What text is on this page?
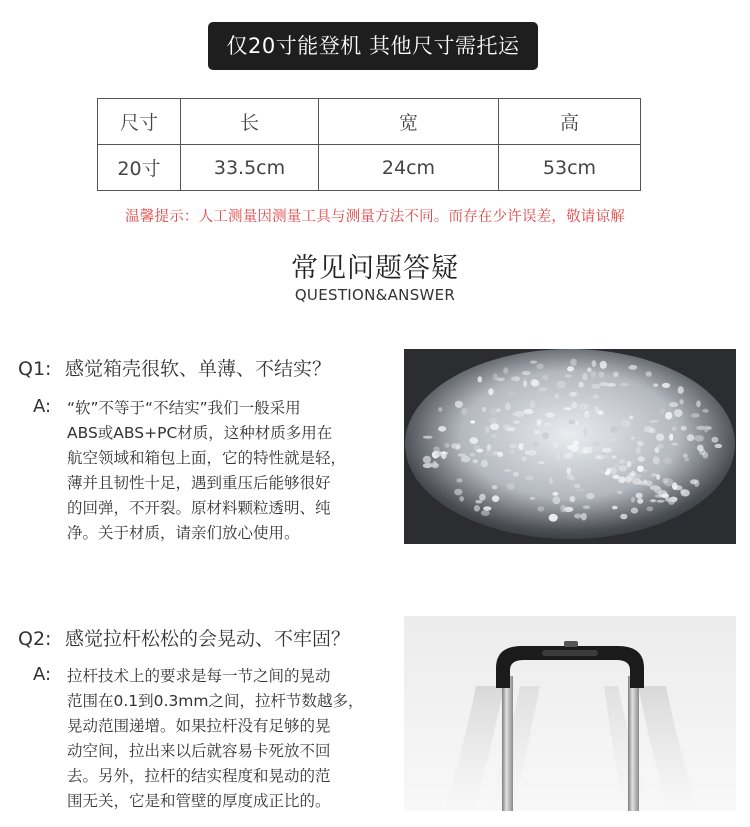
仅20寸能登机 其他尺寸需托运
尺寸	长	宽	高
20寸	33.5cm	24cm	53cm
温馨提示：人工测量因测量工具与测量方法不同。而存在少许误差，敬请谅解
常见问题答疑
QUESTION&ANSWER
Q1: 感觉箱壳很软、单薄、不结实？
A: “软”不等于“不结实”我们一般采用
ABS或ABS+PC材质，这种材质多用在
航空领域和箱包上面，它的特性就是轻，
薄并且韧性十足，遇到重压后能够很好
的回弹，不开裂。原材料颗粒透明、纯
净。关于材质，请亲们放心使用。
Q2: 感觉拉杆松松的会晃动、不牢固？
A: 拉杆技术上的要求是每一节之间的晃动
范围在0.1到0.3mm之间，拉杆节数越多，
晃动范围递增。如果拉杆没有足够的晃
动空间，拉出来以后就容易卡死放不回
去。另外，拉杆的结实程度和晃动的范
围无关，它是和管壁的厚度成正比的。
